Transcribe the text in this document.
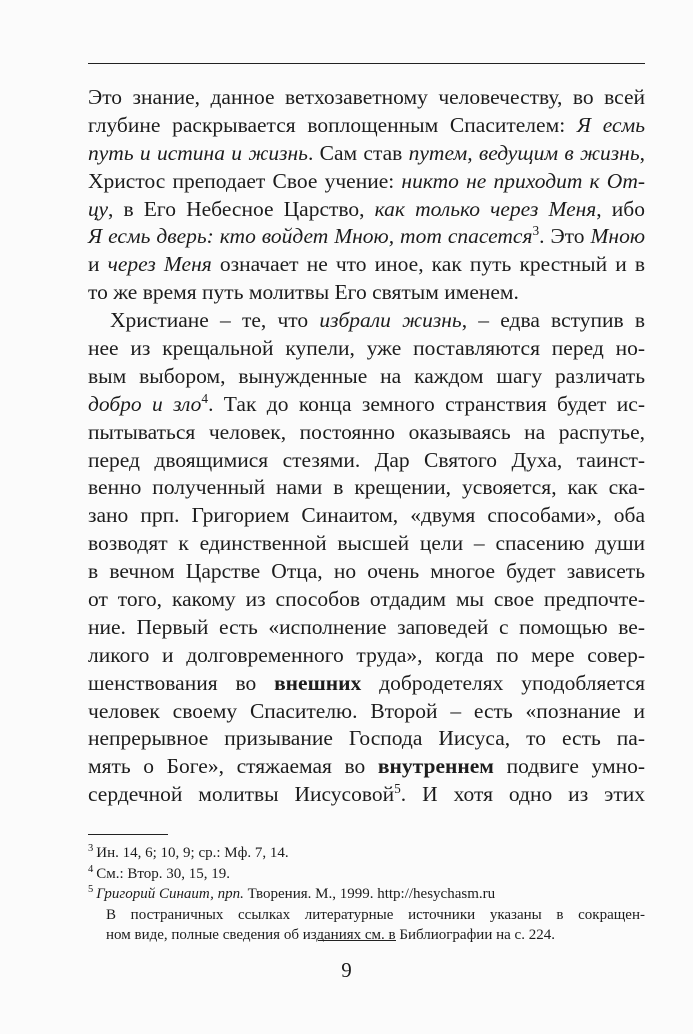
Это знание, данное ветхозаветному человечеству, во всей
глубине раскрывается воплощенным Спасителем: Я есмь
путь и истина и жизнь. Сам став путем, ведущим в жизнь,
Христос преподает Свое учение: никто не приходит к От-
цу, в Его Небесное Царство, как только через Меня, ибо
Я есмь дверь: кто войдет Мною, тот спасется$^3$. Это Мною
и через Меня означает не что иное, как путь крестный и в
то же время путь молитвы Его святым именем.
Христиане – те, что избрали жизнь, – едва вступив в
нее из крещальной купели, уже поставляются перед но-
вым выбором, вынужденные на каждом шагу различать
добро и зло$^4$. Так до конца земного странствия будет ис-
пытываться человек, постоянно оказываясь на распутье,
перед двоящимися стезями. Дар Святого Духа, таинст-
венно полученный нами в крещении, усвояется, как ска-
зано прп. Григорием Синаитом, «двумя способами», оба
возводят к единственной высшей цели – спасению души
в вечном Царстве Отца, но очень многое будет зависеть
от того, какому из способов отдадим мы свое предпочте-
ние. Первый есть «исполнение заповедей с помощью ве-
ликого и долговременного труда», когда по мере совер-
шенствования во внешних добродетелях уподобляется
человек своему Спасителю. Второй – есть «познание и
непрерывное призывание Господа Иисуса, то есть па-
мять о Боге», стяжаемая во внутреннем подвиге умно-
сердечной молитвы Иисусовой$^5$. И хотя одно из этих
$^3$ Ин. 14, 6; 10, 9; ср.: Мф. 7, 14.
$^4$ См.: Втор. 30, 15, 19.
$^5$ Григорий Синаит, прп. Творения. М., 1999. http://hesychasm.ru
В постраничных ссылках литературные источники указаны в сокращен-
ном виде, полные сведения об изданиях см. в Библиографии на с. 224.
9
